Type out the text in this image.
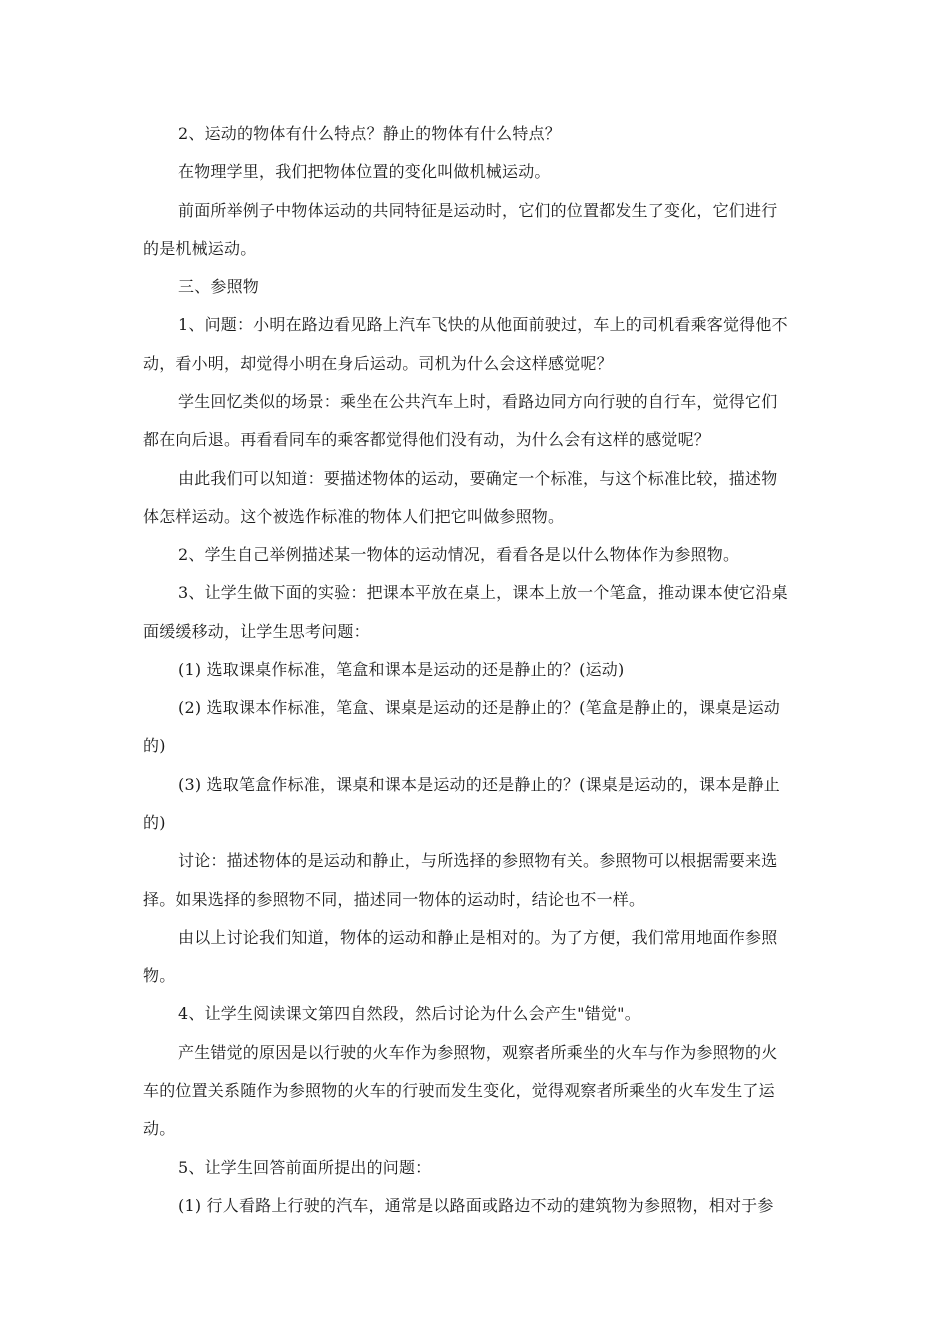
2、运动的物体有什么特点？静止的物体有什么特点？

在物理学里，我们把物体位置的变化叫做机械运动。

前面所举例子中物体运动的共同特征是运动时，它们的位置都发生了变化，它们进行

的是机械运动。

三、参照物

1、问题：小明在路边看见路上汽车飞快的从他面前驶过，车上的司机看乘客觉得他不

动，看小明，却觉得小明在身后运动。司机为什么会这样感觉呢？

学生回忆类似的场景：乘坐在公共汽车上时，看路边同方向行驶的自行车，觉得它们

都在向后退。再看看同车的乘客都觉得他们没有动，为什么会有这样的感觉呢？

由此我们可以知道：要描述物体的运动，要确定一个标准，与这个标准比较，描述物

体怎样运动。这个被选作标准的物体人们把它叫做参照物。

2、学生自己举例描述某一物体的运动情况，看看各是以什么物体作为参照物。

3、让学生做下面的实验：把课本平放在桌上，课本上放一个笔盒，推动课本使它沿桌

面缓缓移动，让学生思考问题：

(1) 选取课桌作标准，笔盒和课本是运动的还是静止的？(运动)

(2) 选取课本作标准，笔盒、课桌是运动的还是静止的？(笔盒是静止的，课桌是运动

的)

(3) 选取笔盒作标准，课桌和课本是运动的还是静止的？(课桌是运动的，课本是静止

的)

讨论：描述物体的是运动和静止，与所选择的参照物有关。参照物可以根据需要来选

择。如果选择的参照物不同，描述同一物体的运动时，结论也不一样。

由以上讨论我们知道，物体的运动和静止是相对的。为了方便，我们常用地面作参照

物。

4、让学生阅读课文第四自然段，然后讨论为什么会产生"错觉"。

产生错觉的原因是以行驶的火车作为参照物，观察者所乘坐的火车与作为参照物的火

车的位置关系随作为参照物的火车的行驶而发生变化，觉得观察者所乘坐的火车发生了运

动。

5、让学生回答前面所提出的问题：

(1) 行人看路上行驶的汽车，通常是以路面或路边不动的建筑物为参照物，相对于参
